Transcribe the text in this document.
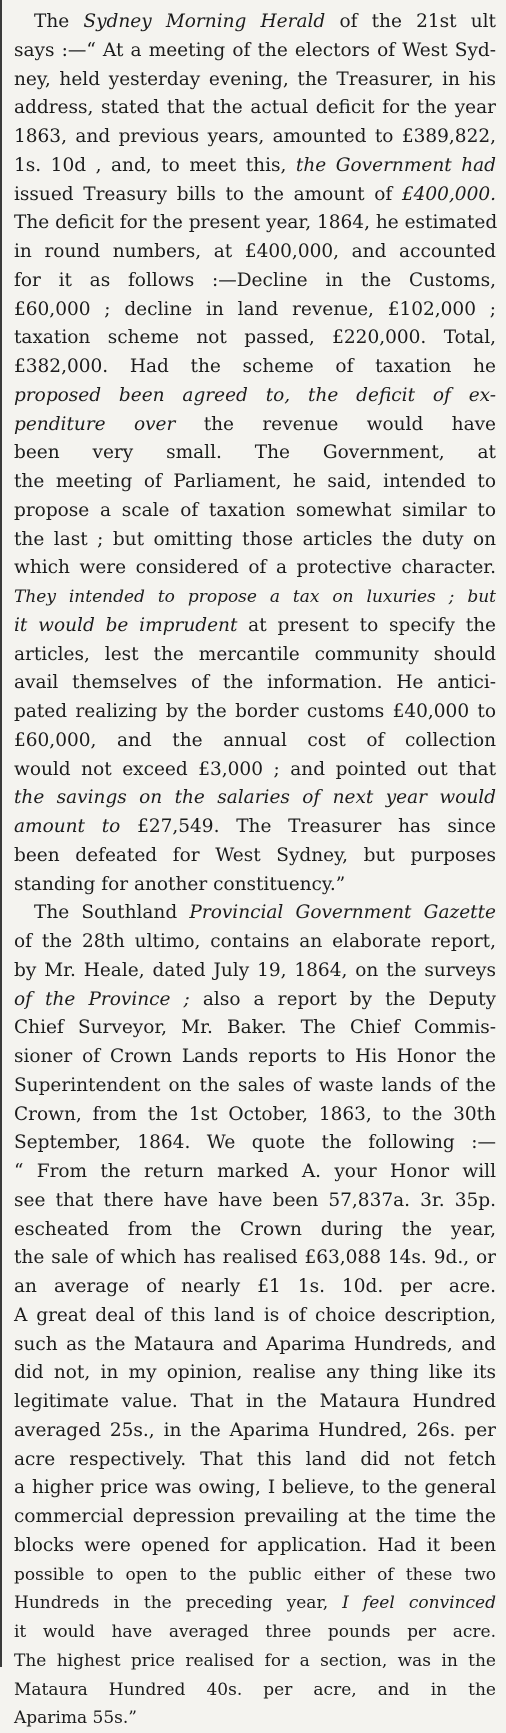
The Sydney Morning Herald of the 21st ult
says :—“ At a meeting of the electors of West Syd-
ney, held yesterday evening, the Treasurer, in his
address, stated that the actual deficit for the year
1863, and previous years, amounted to £389,822,
1s. 10d , and, to meet this, the Government had
issued Treasury bills to the amount of £400,000.
The deficit for the present year, 1864, he estimated
in round numbers, at £400,000, and accounted
for it as follows :—Decline in the Customs,
£60,000 ; decline in land revenue, £102,000 ;
taxation scheme not passed, £220,000. Total,
£382,000. Had the scheme of taxation he
proposed been agreed to, the deficit of ex-
penditure over the revenue would have
been very small. The Government, at
the meeting of Parliament, he said, intended to
propose a scale of taxation somewhat similar to
the last ; but omitting those articles the duty on
which were considered of a protective character.
They intended to propose a tax on luxuries ; but
it would be imprudent at present to specify the
articles, lest the mercantile community should
avail themselves of the information. He antici-
pated realizing by the border customs £40,000 to
£60,000, and the annual cost of collection
would not exceed £3,000 ; and pointed out that
the savings on the salaries of next year would
amount to £27,549. The Treasurer has since
been defeated for West Sydney, but purposes
standing for another constituency.”
The Southland Provincial Government Gazette
of the 28th ultimo, contains an elaborate report,
by Mr. Heale, dated July 19, 1864, on the surveys
of the Province ; also a report by the Deputy
Chief Surveyor, Mr. Baker. The Chief Commis-
sioner of Crown Lands reports to His Honor the
Superintendent on the sales of waste lands of the
Crown, from the 1st October, 1863, to the 30th
September, 1864. We quote the following :—
“ From the return marked A. your Honor will
see that there have have been 57,837a. 3r. 35p.
escheated from the Crown during the year,
the sale of which has realised £63,088 14s. 9d., or
an average of nearly £1 1s. 10d. per acre.
A great deal of this land is of choice description,
such as the Mataura and Aparima Hundreds, and
did not, in my opinion, realise any thing like its
legitimate value. That in the Mataura Hundred
averaged 25s., in the Aparima Hundred, 26s. per
acre respectively. That this land did not fetch
a higher price was owing, I believe, to the general
commercial depression prevailing at the time the
blocks were opened for application. Had it been
possible to open to the public either of these two
Hundreds in the preceding year, I feel convinced
it would have averaged three pounds per acre.
The highest price realised for a section, was in the
Mataura Hundred 40s. per acre, and in the
Aparima 55s.”
